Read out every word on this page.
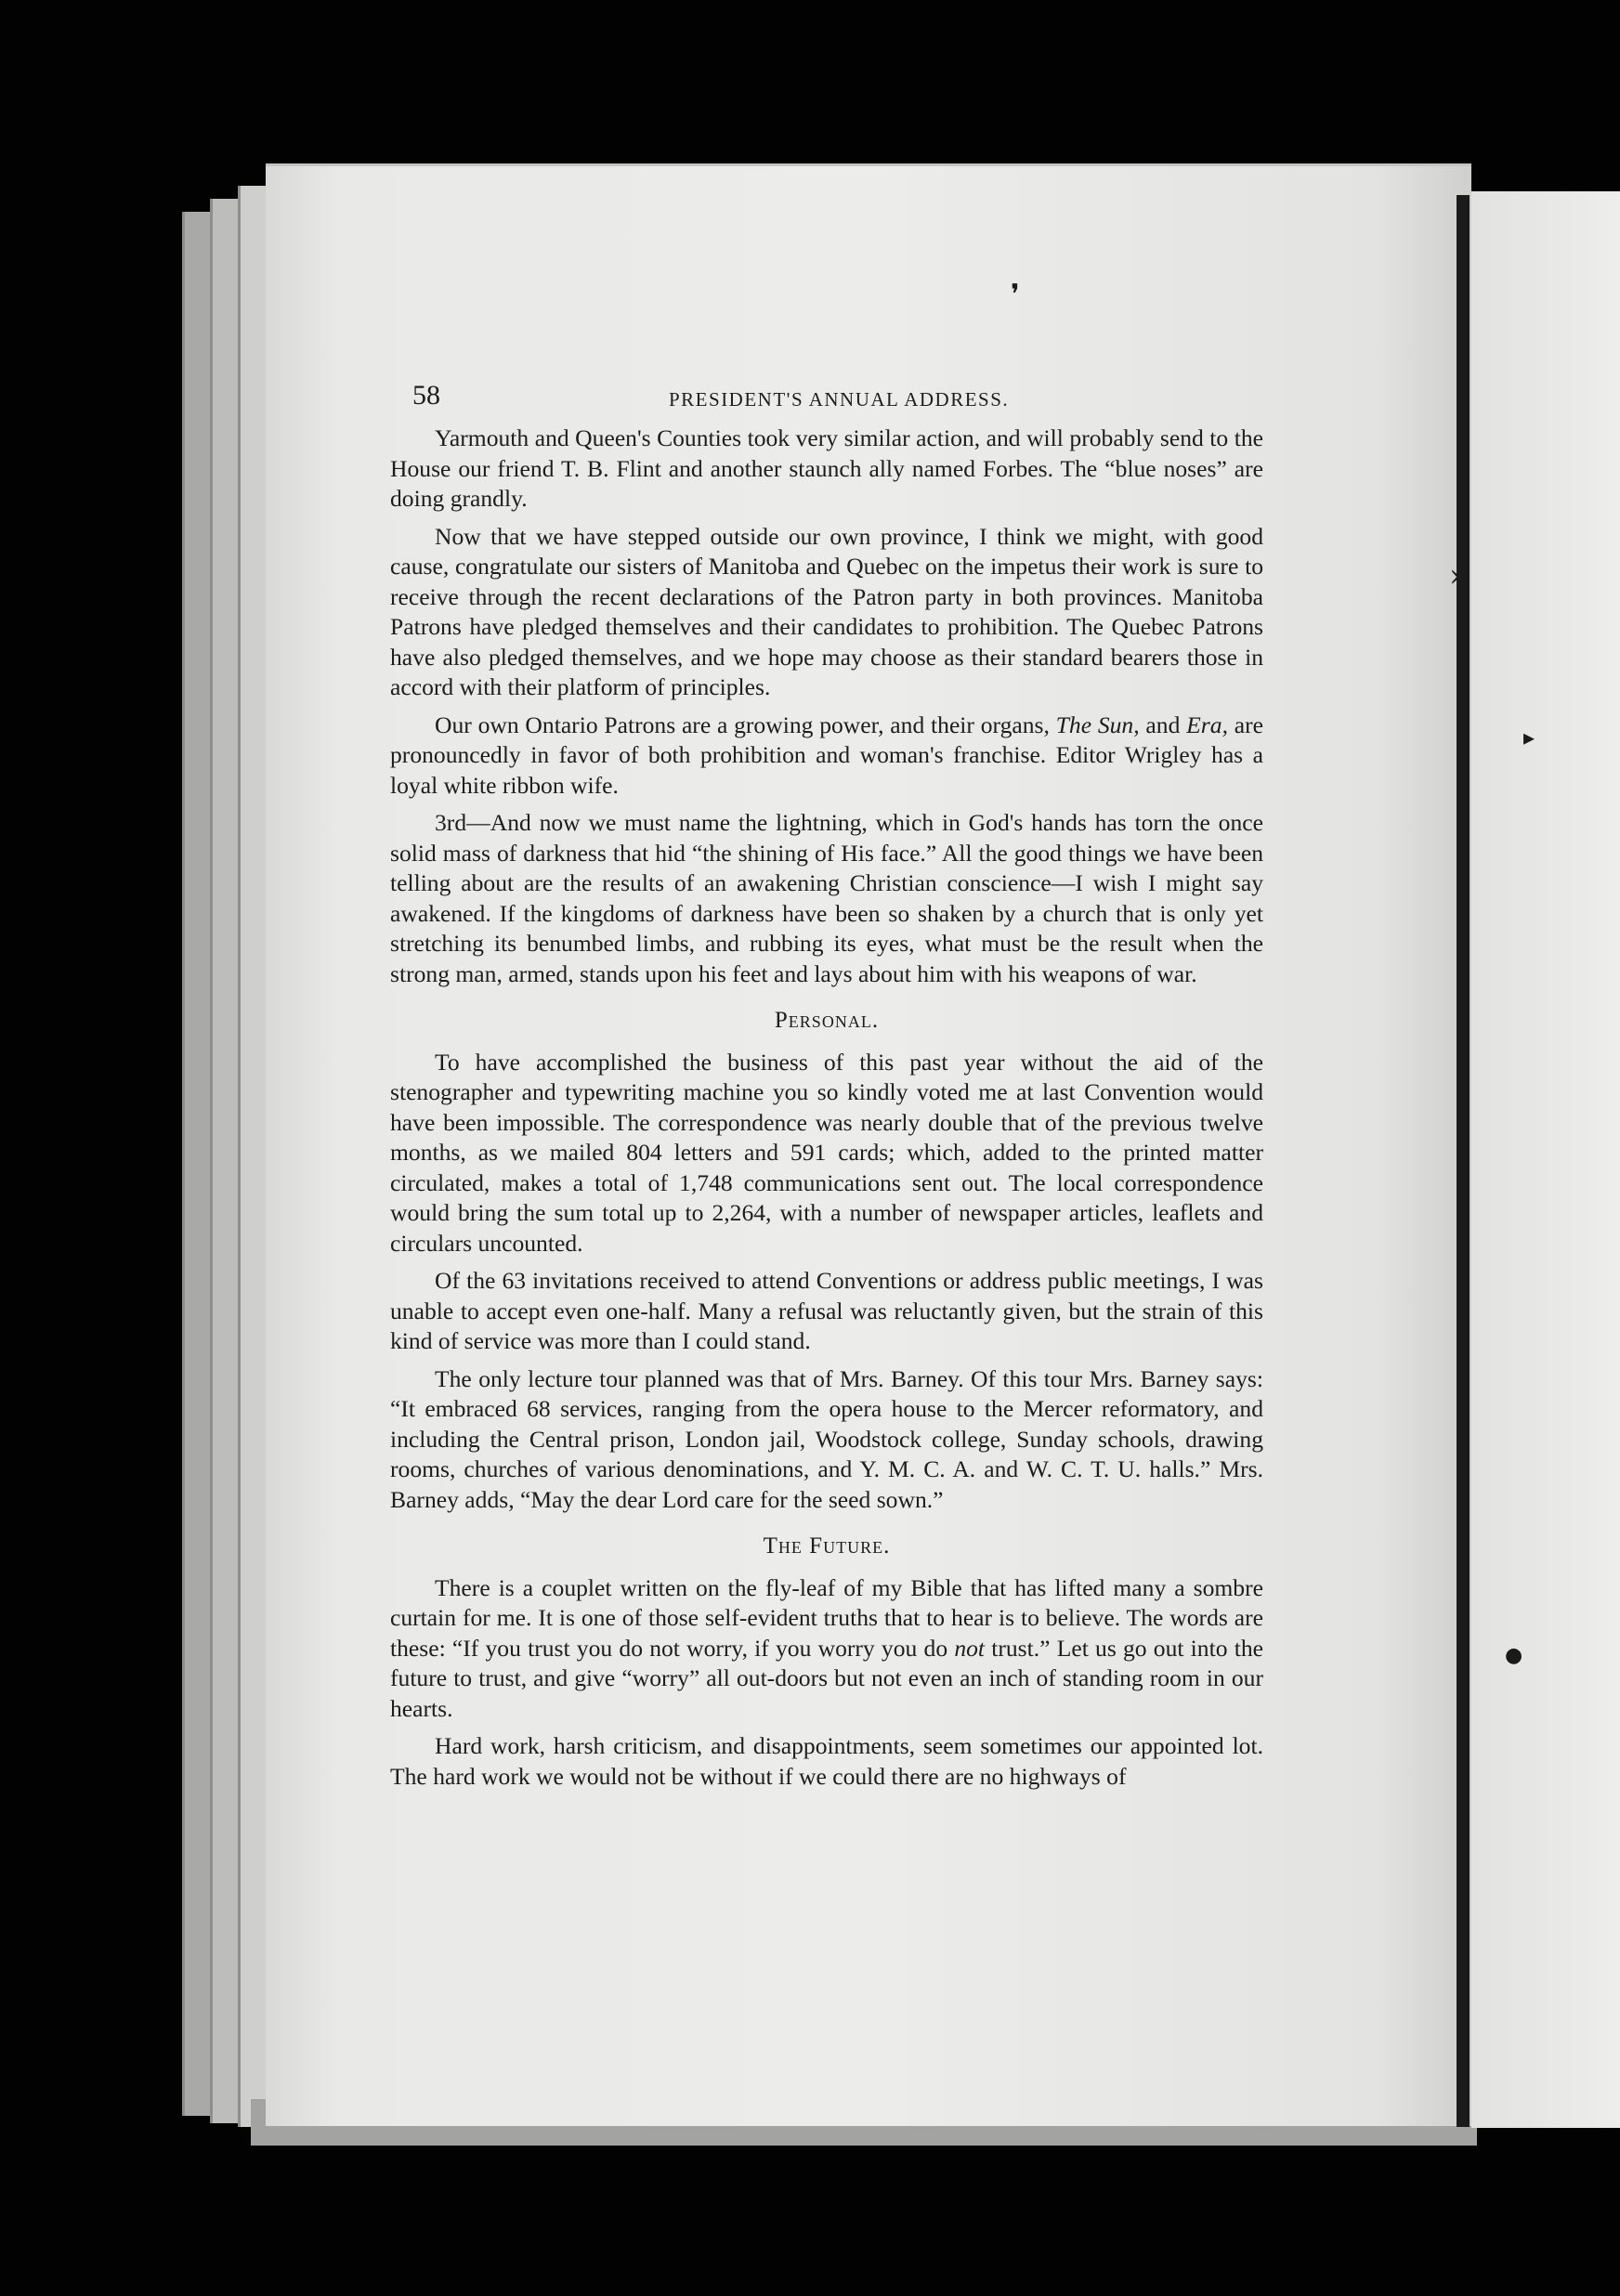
❜
›
▸
●
58	PRESIDENT'S ANNUAL ADDRESS.

Yarmouth and Queen's Counties took very similar action, and will probably send to the House our friend T. B. Flint and another staunch ally named Forbes. The “blue noses” are doing grandly.

Now that we have stepped outside our own province, I think we might, with good cause, congratulate our sisters of Manitoba and Quebec on the impetus their work is sure to receive through the recent declarations of the Patron party in both provinces. Manitoba Patrons have pledged themselves and their candidates to prohibition. The Quebec Patrons have also pledged themselves, and we hope may choose as their standard bearers those in accord with their platform of principles.

Our own Ontario Patrons are a growing power, and their organs, The Sun, and Era, are pronouncedly in favor of both prohibition and woman's franchise. Editor Wrigley has a loyal white ribbon wife.

3rd—And now we must name the lightning, which in God's hands has torn the once solid mass of darkness that hid “the shining of His face.” All the good things we have been telling about are the results of an awakening Christian conscience—I wish I might say awakened. If the kingdoms of darkness have been so shaken by a church that is only yet stretching its benumbed limbs, and rubbing its eyes, what must be the result when the strong man, armed, stands upon his feet and lays about him with his weapons of war.

Personal.

To have accomplished the business of this past year without the aid of the stenographer and typewriting machine you so kindly voted me at last Convention would have been impossible. The correspondence was nearly double that of the previous twelve months, as we mailed 804 letters and 591 cards; which, added to the printed matter circulated, makes a total of 1,748 communications sent out. The local correspondence would bring the sum total up to 2,264, with a number of newspaper articles, leaflets and circulars uncounted.

Of the 63 invitations received to attend Conventions or address public meetings, I was unable to accept even one-half. Many a refusal was reluctantly given, but the strain of this kind of service was more than I could stand.

The only lecture tour planned was that of Mrs. Barney. Of this tour Mrs. Barney says: “It embraced 68 services, ranging from the opera house to the Mercer reformatory, and including the Central prison, London jail, Woodstock college, Sunday schools, drawing rooms, churches of various denominations, and Y. M. C. A. and W. C. T. U. halls.” Mrs. Barney adds, “May the dear Lord care for the seed sown.”

The Future.

There is a couplet written on the fly-leaf of my Bible that has lifted many a sombre curtain for me. It is one of those self-evident truths that to hear is to believe. The words are these: “If you trust you do not worry, if you worry you do not trust.” Let us go out into the future to trust, and give “worry” all out-doors but not even an inch of standing room in our hearts.

Hard work, harsh criticism, and disappointments, seem sometimes our appointed lot. The hard work we would not be without if we could there are no highways of
